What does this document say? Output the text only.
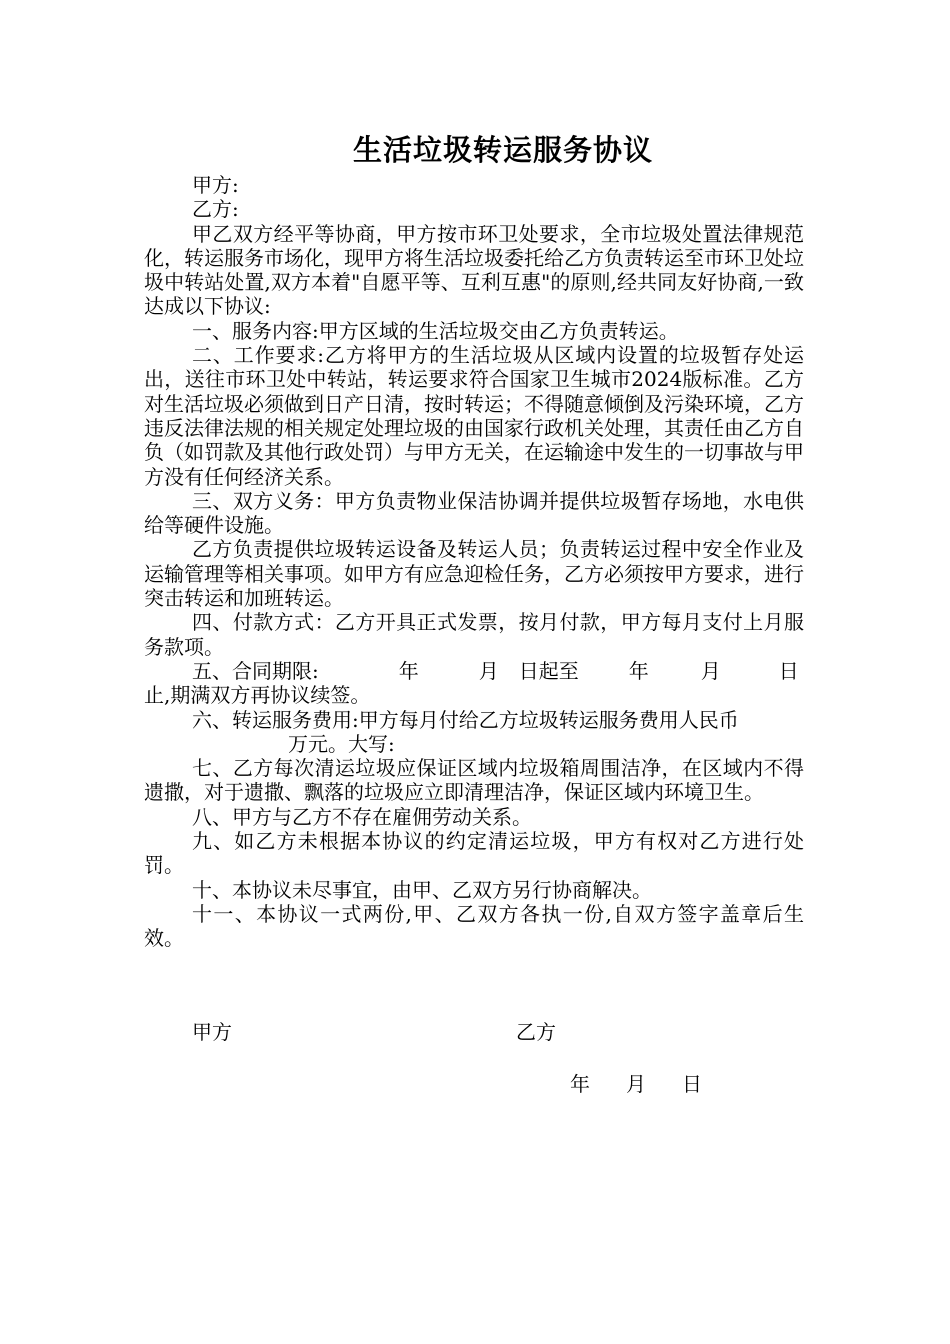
生活垃圾转运服务协议

甲方:

乙方:

甲乙双方经平等协商，甲方按市环卫处要求，全市垃圾处置法律规范化，转运服务市场化，现甲方将生活垃圾委托给乙方负责转运至市环卫处垃圾中转站处置,双方本着"自愿平等、互利互惠"的原则,经共同友好协商,一致达成以下协议:

一、服务内容:甲方区域的生活垃圾交由乙方负责转运。

二、工作要求:乙方将甲方的生活垃圾从区域内设置的垃圾暂存处运出，送往市环卫处中转站，转运要求符合国家卫生城市2024版标准。乙方对生活垃圾必须做到日产日清，按时转运；不得随意倾倒及污染环境，乙方违反法律法规的相关规定处理垃圾的由国家行政机关处理，其责任由乙方自负（如罚款及其他行政处罚）与甲方无关，在运输途中发生的一切事故与甲方没有任何经济关系。

三、双方义务：甲方负责物业保洁协调并提供垃圾暂存场地，水电供给等硬件设施。

乙方负责提供垃圾转运设备及转运人员；负责转运过程中安全作业及运输管理等相关事项。如甲方有应急迎检任务，乙方必须按甲方要求，进行突击转运和加班转运。

四、付款方式：乙方开具正式发票，按月付款，甲方每月支付上月服务款项。

五、合同期限:	年	月 日起至	年	月	日

止,期满双方再协议续签。

六、转运服务费用:甲方每月付给乙方垃圾转运服务费用人民币

万元。大写:

七、乙方每次清运垃圾应保证区域内垃圾箱周围洁净，在区域内不得遗撒，对于遗撒、飘落的垃圾应立即清理洁净，保证区域内环境卫生。

八、甲方与乙方不存在雇佣劳动关系。

九、如乙方未根据本协议的约定清运垃圾，甲方有权对乙方进行处罚。

十、本协议未尽事宜，由甲、乙双方另行协商解决。

十一、本协议一式两份,甲、乙双方各执一份,自双方签字盖章后生效。

甲方	乙方
年 月 日
